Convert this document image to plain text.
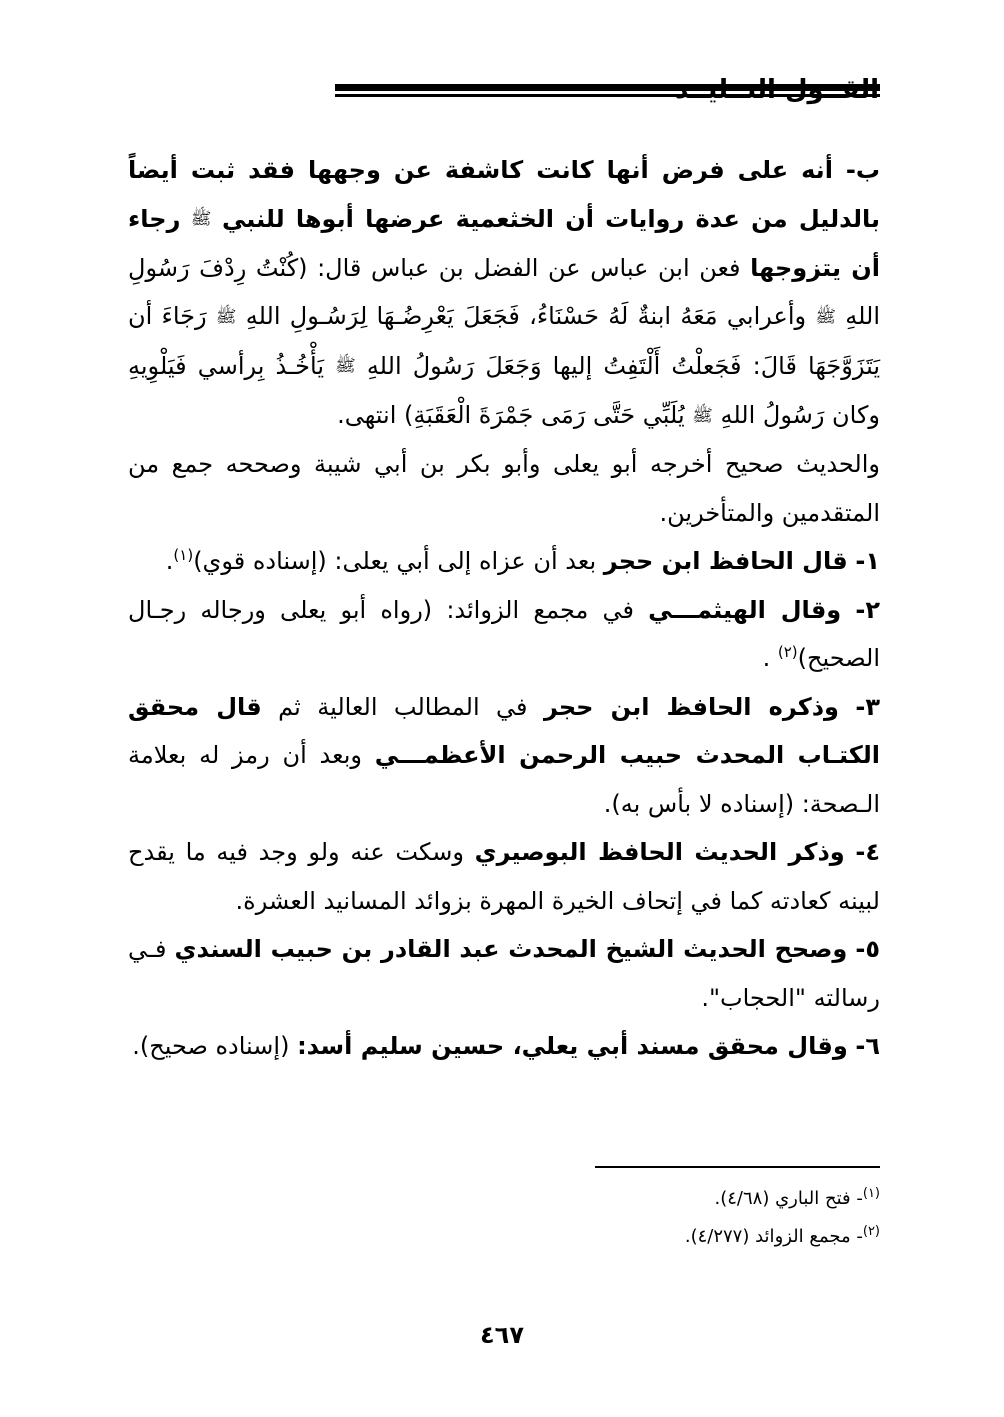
ب- أنه على فرض أنها كانت كاشفة عن وجهها فقد ثبت أيضاً بالدليل من عدة روايات أن الخثعمية عرضها أبوها للنبي ﷺ رجاء أن يتزوجها فعن ابن عباس عن الفضل بن عباس قال: (كُنْتُ رِدْفَ رَسُولِ اللهِ ﷺ وأعرابي مَعَهُ ابنةٌ لَهُ حَسْنَاءُ، فَجَعَلَ يَعْرِضُـهَا لِرَسُـولِ اللهِ ﷺ رَجَاءَ أن يَتَزَوَّجَهَا قَالَ: فَجَعلْتُ أَلْتَفِتُ إليها وَجَعَلَ رَسُولُ اللهِ ﷺ يَأْخُـذُ بِرأسي فَيَلْوِيهِ وكان رَسُولُ اللهِ ﷺ يُلَبِّي حَتَّى رَمَى جَمْرَةَ الْعَقَبَةِ) انتهى.

والحديث صحيح أخرجه أبو يعلى وأبو بكر بن أبي شيبة وصححه جمع من المتقدمين والمتأخرين.

١- قال الحافظ ابن حجر بعد أن عزاه إلى أبي يعلى: (إسناده قوي)$^{(١)}$.

٢- وقال الهيثمـــي في مجمع الزوائد: (رواه أبو يعلى ورجاله رجـال الصحيح)$^{(٢)}$ .

٣- وذكره الحافظ ابن حجر في المطالب العالية ثم قال محقق الكتـاب المحدث حبيب الرحمن الأعظمـــي وبعد أن رمز له بعلامة الـصحة: (إسناده لا بأس به).

٤- وذكر الحديث الحافظ البوصيري وسكت عنه ولو وجد فيه ما يقدح لبينه كعادته كما في إتحاف الخيرة المهرة بزوائد المسانيد العشرة.

٥- وصحح الحديث الشيخ المحدث عبد القادر بن حبيب السندي فـي رسالته "الحجاب".

٦- وقال محقق مسند أبي يعلي، حسين سليم أسد: (إسناده صحيح).

$^{(١)}$- فتح الباري (٤/٦٨).

$^{(٢)}$- مجمع الزوائد (٤/٢٧٧).

٤٦٧
